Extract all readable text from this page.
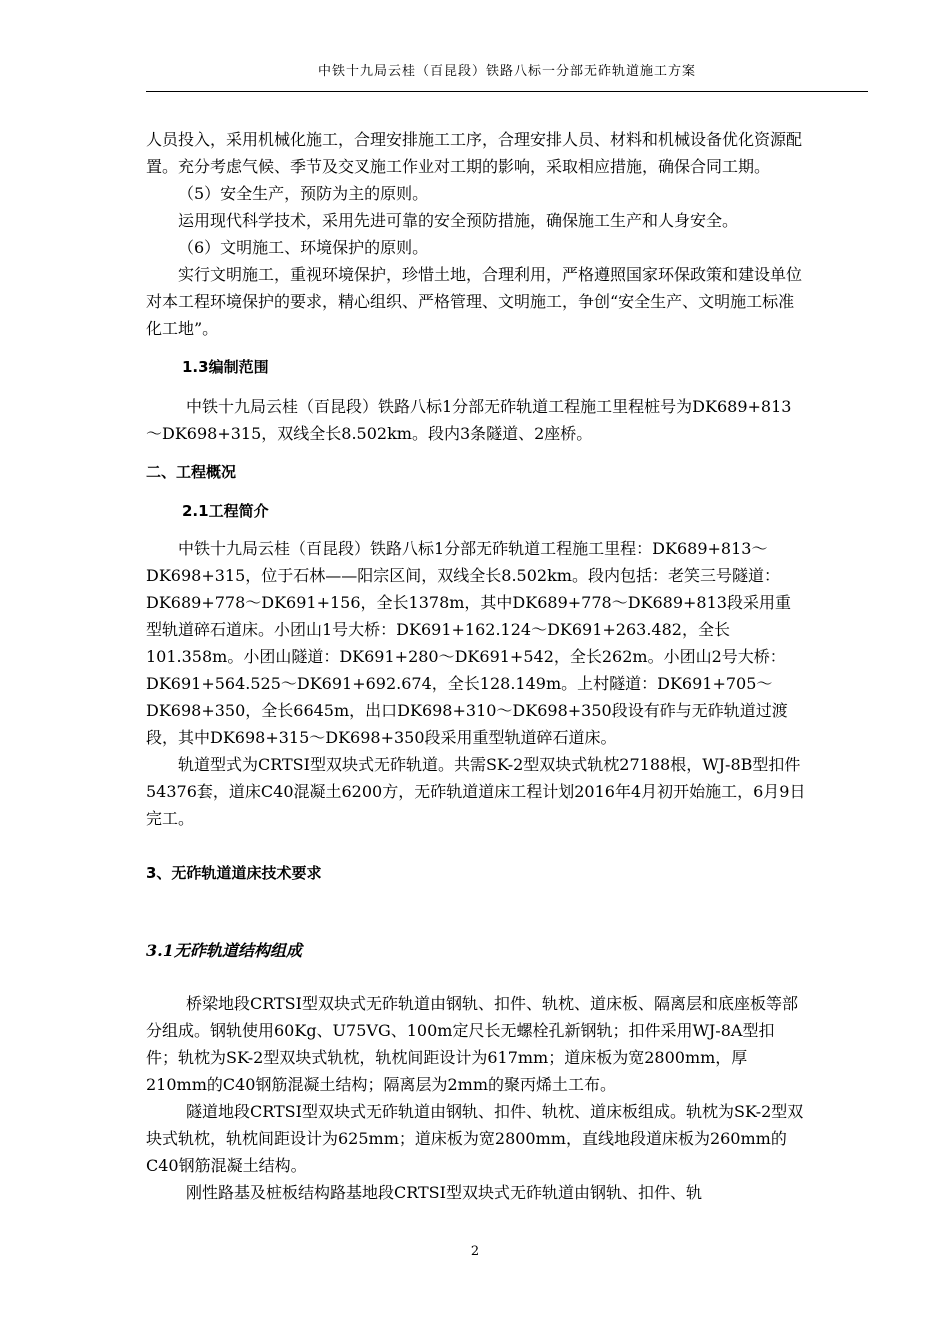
中铁十九局云桂（百昆段）铁路八标一分部无砟轨道施工方案

人员投入，采用机械化施工，合理安排施工工序，合理安排人员、材料和机械设备优化资源配置。充分考虑气候、季节及交叉施工作业对工期的影响，采取相应措施，确保合同工期。

（5）安全生产，预防为主的原则。

运用现代科学技术，采用先进可靠的安全预防措施，确保施工生产和人身安全。

（6）文明施工、环境保护的原则。

实行文明施工，重视环境保护，珍惜土地，合理利用，严格遵照国家环保政策和建设单位对本工程环境保护的要求，精心组织、严格管理、文明施工，争创“安全生产、文明施工标准化工地”。

1.3编制范围

中铁十九局云桂（百昆段）铁路八标1分部无砟轨道工程施工里程桩号为DK689+813～DK698+315，双线全长8.502km。段内3条隧道、2座桥。

二、工程概况

2.1工程简介

中铁十九局云桂（百昆段）铁路八标1分部无砟轨道工程施工里程：DK689+813～DK698+315，位于石林——阳宗区间，双线全长8.502km。段内包括：老笑三号隧道：DK689+778～DK691+156，全长1378m，其中DK689+778～DK689+813段采用重型轨道碎石道床。小团山1号大桥：DK691+162.124～DK691+263.482，全长101.358m。小团山隧道：DK691+280～DK691+542，全长262m。小团山2号大桥：DK691+564.525～DK691+692.674，全长128.149m。上村隧道：DK691+705～DK698+350，全长6645m，出口DK698+310～DK698+350段设有砟与无砟轨道过渡段，其中DK698+315～DK698+350段采用重型轨道碎石道床。

轨道型式为CRTSⅠ型双块式无砟轨道。共需SK-2型双块式轨枕27188根，WJ-8B型扣件54376套，道床C40混凝土6200方，无砟轨道道床工程计划2016年4月初开始施工，6月9日完工。

3、无砟轨道道床技术要求

3.1无砟轨道结构组成

桥梁地段CRTSⅠ型双块式无砟轨道由钢轨、扣件、轨枕、道床板、隔离层和底座板等部分组成。钢轨使用60Kg、U75VG、100m定尺长无螺栓孔新钢轨；扣件采用WJ-8A型扣件；轨枕为SK-2型双块式轨枕，轨枕间距设计为617mm；道床板为宽2800mm，厚210mm的C40钢筋混凝土结构；隔离层为2mm的聚丙烯土工布。

隧道地段CRTSⅠ型双块式无砟轨道由钢轨、扣件、轨枕、道床板组成。轨枕为SK-2型双块式轨枕，轨枕间距设计为625mm；道床板为宽2800mm，直线地段道床板为260mm的C40钢筋混凝土结构。

刚性路基及桩板结构路基地段CRTSⅠ型双块式无砟轨道由钢轨、扣件、轨

2
